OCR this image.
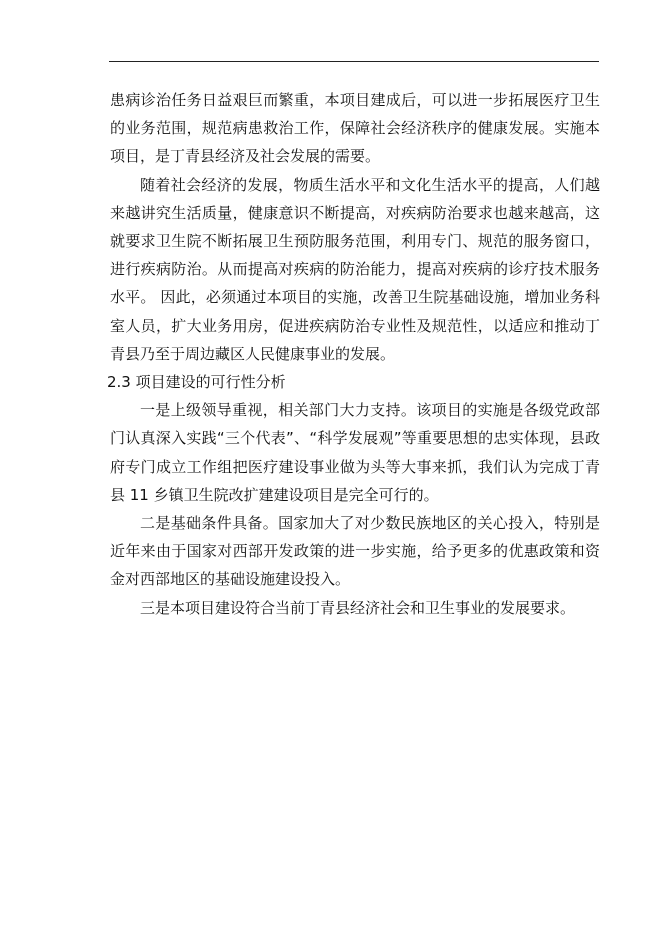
患病诊治任务日益艰巨而繁重，本项目建成后，可以进一步拓展医疗卫生的业务范围，规范病患救治工作，保障社会经济秩序的健康发展。实施本项目，是丁青县经济及社会发展的需要。

随着社会经济的发展，物质生活水平和文化生活水平的提高，人们越来越讲究生活质量，健康意识不断提高，对疾病防治要求也越来越高，这就要求卫生院不断拓展卫生预防服务范围，利用专门、规范的服务窗口，进行疾病防治。从而提高对疾病的防治能力，提高对疾病的诊疗技术服务水平。 因此，必须通过本项目的实施，改善卫生院基础设施，增加业务科室人员，扩大业务用房，促进疾病防治专业性及规范性，以适应和推动丁青县乃至于周边藏区人民健康事业的发展。

2.3 项目建设的可行性分析

一是上级领导重视，相关部门大力支持。该项目的实施是各级党政部门认真深入实践“三个代表”、“科学发展观”等重要思想的忠实体现，县政府专门成立工作组把医疗建设事业做为头等大事来抓，我们认为完成丁青县 11 乡镇卫生院改扩建建设项目是完全可行的。

二是基础条件具备。国家加大了对少数民族地区的关心投入，特别是近年来由于国家对西部开发政策的进一步实施，给予更多的优惠政策和资金对西部地区的基础设施建设投入。

三是本项目建设符合当前丁青县经济社会和卫生事业的发展要求。
